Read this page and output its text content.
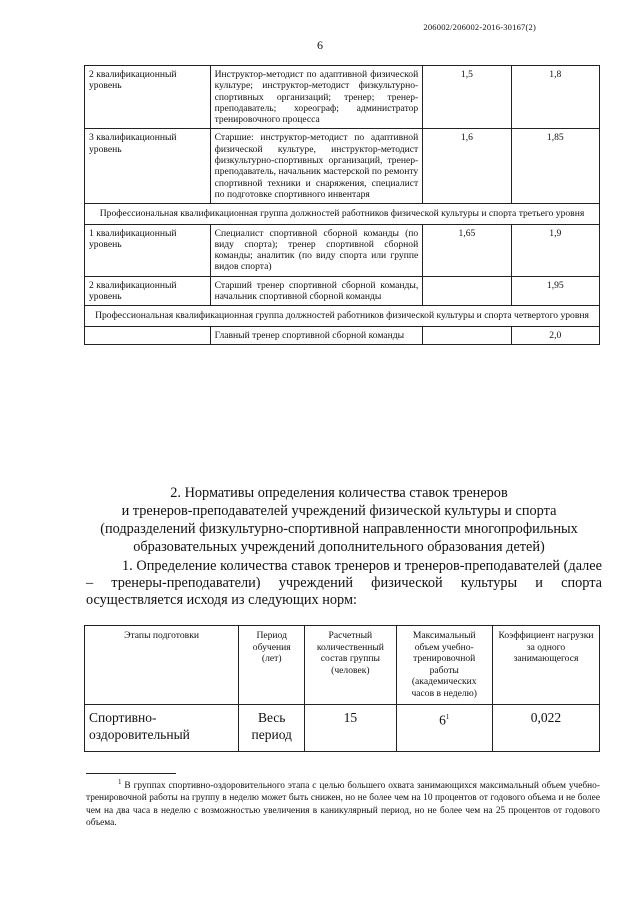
206002/206002-2016-30167(2)
6
2 квалификационный уровень	Инструктор-методист по адаптивной физической культуре; инструктор-методист физкультурно-спортивных организаций; тренер; тренер-преподаватель; хореограф; администратор тренировочного процесса	1,5	1,8
3 квалификационный уровень	Старшие: инструктор-методист по адаптивной физической культуре, инструктор-методист физкультурно-спортивных организаций, тренер-преподаватель, начальник мастерской по ремонту спортивной техники и снаряжения, специалист по подготовке спортивного инвентаря	1,6	1,85
Профессиональная квалификационная группа должностей работников физической культуры и спорта третьего уровня			
1 квалификационный уровень	Специалист спортивной сборной команды (по виду спорта); тренер спортивной сборной команды; аналитик (по виду спорта или группе видов спорта)	1,65	1,9
2 квалификационный уровень	Старший тренер спортивной сборной команды, начальник спортивной сборной команды		1,95
Профессиональная квалификационная группа должностей работников физической культуры и спорта четвертого уровня			
	Главный тренер спортивной сборной команды		2,0
2. Нормативы определения количества ставок тренеров
и тренеров-преподавателей учреждений физической культуры и спорта
(подразделений физкультурно-спортивной направленности многопрофильных
образовательных учреждений дополнительного образования детей)
1. Определение количества ставок тренеров и тренеров-преподавателей (далее – тренеры-преподаватели) учреждений физической культуры и спорта осуществляется исходя из следующих норм:
Этапы подготовки	Период обучения (лет)	Расчетный количественный состав группы (человек)	Максимальный объем учебно-тренировочной работы (академических часов в неделю)	Коэффициент нагрузки за одного занимающегося
Спортивно-оздоровительный	Весь период	15	$6^1$	0,022
$^1$ В группах спортивно-оздоровительного этапа с целью большего охвата занимающихся максимальный объем учебно-тренировочной работы на группу в неделю может быть снижен, но не более чем на 10 процентов от годового объема и не более чем на два часа в неделю с возможностью увеличения в каникулярный период, но не более чем на 25 процентов от годового объема.
